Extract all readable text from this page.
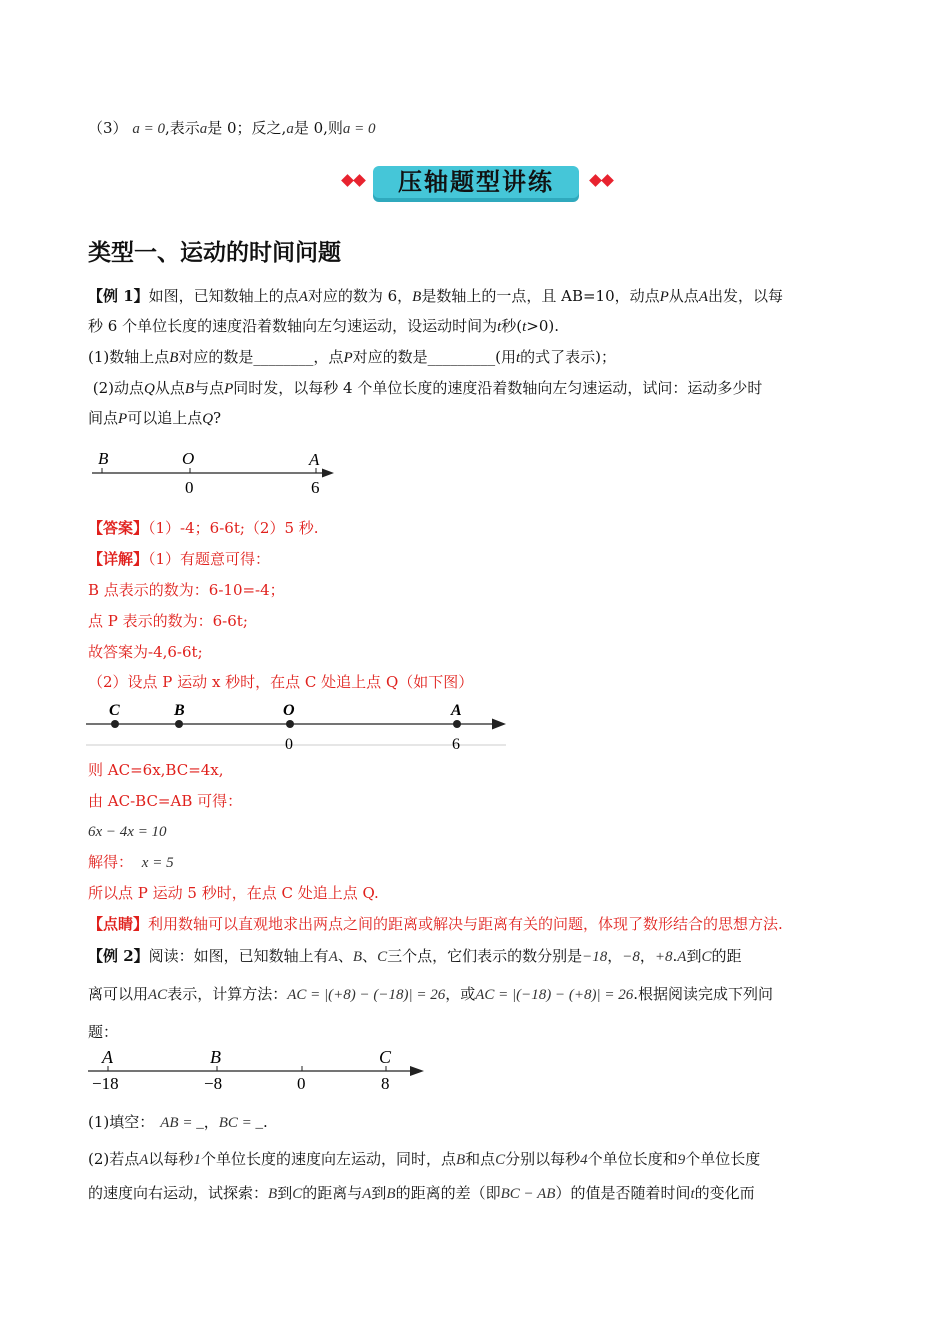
（3） a = 0,表示a是 0；反之,a是 0,则a = 0
压轴题型讲练
类型一、运动的时间问题
【例 1】如图，已知数轴上的点A对应的数为 6，B是数轴上的一点，且 AB=10，动点P从点A出发，以每
秒 6 个单位长度的速度沿着数轴向左匀速运动，设运动时间为t秒(t>0).
(1)数轴上点B对应的数是________，点P对应的数是_________(用t的式了表示)；
(2)动点Q从点B与点P同时发，以每秒 4 个单位长度的速度沿着数轴向左匀速运动，试问：运动多少时
间点P可以追上点Q?
B	O	A
0	6
【答案】（1）-4；6-6t;（2）5 秒.
【详解】（1）有题意可得：
B 点表示的数为：6-10=-4；
点 P 表示的数为：6-6t;
故答案为-4,6-6t;
（2）设点 P 运动 x 秒时，在点 C 处追上点 Q（如下图）
C	B	O	A
0	6
则 AC=6x,BC=4x,
由 AC-BC=AB 可得：
6x − 4x = 10
解得： x = 5
所以点 P 运动 5 秒时，在点 C 处追上点 Q.
【点睛】利用数轴可以直观地求出两点之间的距离或解决与距离有关的问题，体现了数形结合的思想方法.
【例 2】阅读：如图，已知数轴上有A、B、C三个点，它们表示的数分别是−18，−8，+8.A到C的距
离可以用AC表示，计算方法：AC = |(+8) − (−18)| = 26，或AC = |(−18) − (+8)| = 26.根据阅读完成下列问
题：
A	B	C
−18	−8	0	8
(1)填空： AB = _，BC = _.
(2)若点A以每秒1个单位长度的速度向左运动，同时，点B和点C分别以每秒4个单位长度和9个单位长度
的速度向右运动，试探索：B到C的距离与A到B的距离的差（即BC − AB）的值是否随着时间t的变化而
